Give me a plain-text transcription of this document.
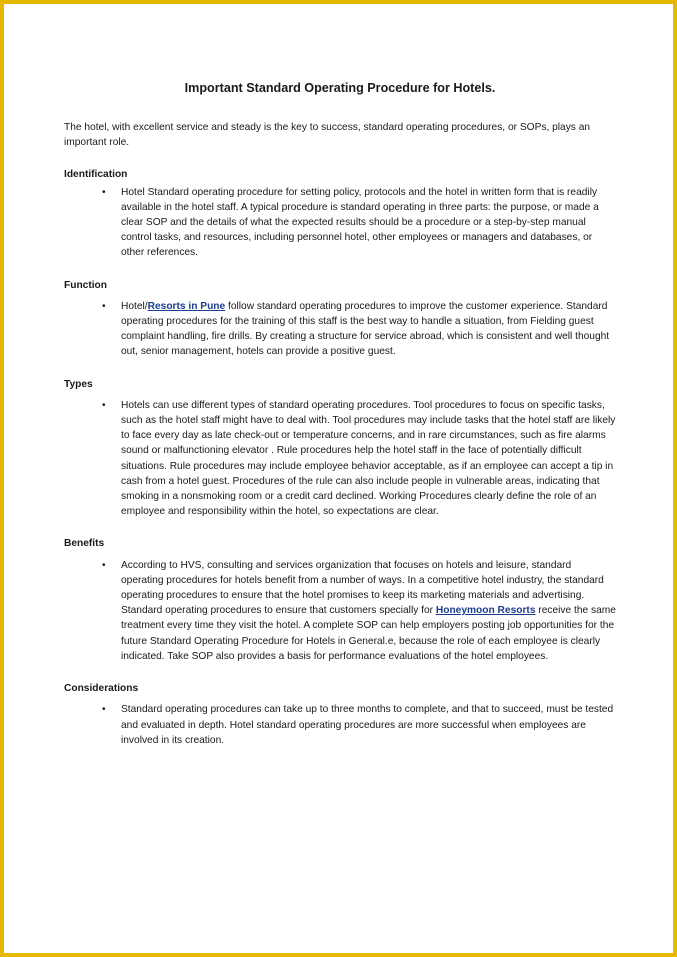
Important Standard Operating Procedure for Hotels.
The hotel, with excellent service and steady is the key to success, standard operating procedures, or SOPs, plays an important role.
Identification
• Hotel Standard operating procedure for setting policy, protocols and the hotel in written form that is readily available in the hotel staff. A typical procedure is standard operating in three parts: the purpose, or made a clear SOP and the details of what the expected results should be a procedure or a step-by-step manual control tasks, and resources, including personnel hotel, other employees or managers and databases, or other references.
Function
• Hotel/Resorts in Pune follow standard operating procedures to improve the customer experience. Standard operating procedures for the training of this staff is the best way to handle a situation, from Fielding guest complaint handling, fire drills. By creating a structure for service abroad, which is consistent and well thought out, senior management, hotels can provide a positive guest.
Types
• Hotels can use different types of standard operating procedures. Tool procedures to focus on specific tasks, such as the hotel staff might have to deal with. Tool procedures may include tasks that the hotel staff are likely to face every day as late check-out or temperature concerns, and in rare circumstances, such as fire alarms sound or malfunctioning elevator . Rule procedures help the hotel staff in the face of potentially difficult situations. Rule procedures may include employee behavior acceptable, as if an employee can accept a tip in cash from a hotel guest. Procedures of the rule can also include people in vulnerable areas, indicating that smoking in a nonsmoking room or a credit card declined. Working Procedures clearly define the role of an employee and responsibility within the hotel, so expectations are clear.
Benefits
• According to HVS, consulting and services organization that focuses on hotels and leisure, standard operating procedures for hotels benefit from a number of ways. In a competitive hotel industry, the standard operating procedures to ensure that the hotel promises to keep its marketing materials and advertising. Standard operating procedures to ensure that customers specially for Honeymoon Resorts receive the same treatment every time they visit the hotel. A complete SOP can help employers posting job opportunities for the future Standard Operating Procedure for Hotels in General.e, because the role of each employee is clearly indicated. Take SOP also provides a basis for performance evaluations of the hotel employees.
Considerations
• Standard operating procedures can take up to three months to complete, and that to succeed, must be tested and evaluated in depth. Hotel standard operating procedures are more successful when employees are involved in its creation.
